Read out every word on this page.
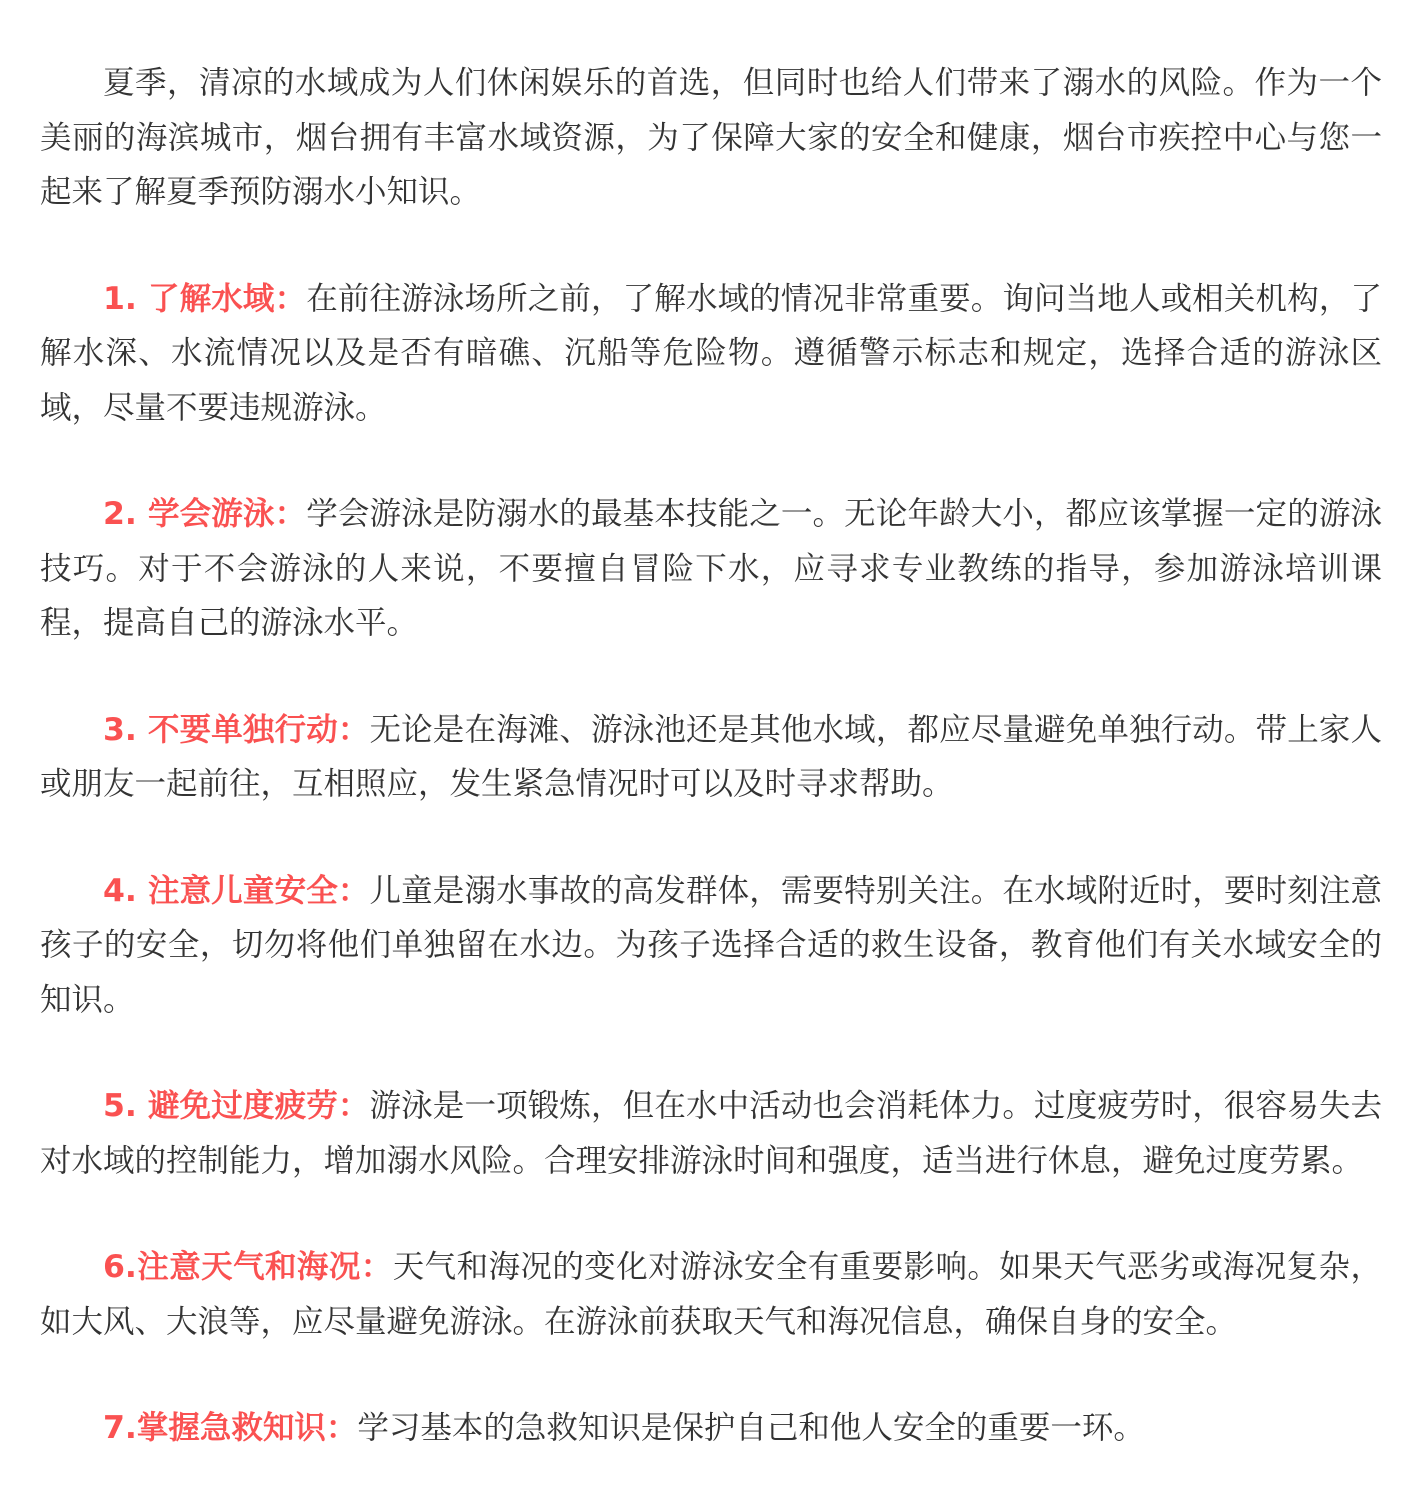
夏季，清凉的水域成为人们休闲娱乐的首选，但同时也给人们带来了溺水的风险。作为一个美丽的海滨城市，烟台拥有丰富水域资源，为了保障大家的安全和健康，烟台市疾控中心与您一起来了解夏季预防溺水小知识。

1. 了解水域：在前往游泳场所之前，了解水域的情况非常重要。询问当地人或相关机构，了解水深、水流情况以及是否有暗礁、沉船等危险物。遵循警示标志和规定，选择合适的游泳区域，尽量不要违规游泳。

2. 学会游泳：学会游泳是防溺水的最基本技能之一。无论年龄大小，都应该掌握一定的游泳技巧。对于不会游泳的人来说，不要擅自冒险下水，应寻求专业教练的指导，参加游泳培训课程，提高自己的游泳水平。

3. 不要单独行动：无论是在海滩、游泳池还是其他水域，都应尽量避免单独行动。带上家人或朋友一起前往，互相照应，发生紧急情况时可以及时寻求帮助。

4. 注意儿童安全：儿童是溺水事故的高发群体，需要特别关注。在水域附近时，要时刻注意孩子的安全，切勿将他们单独留在水边。为孩子选择合适的救生设备，教育他们有关水域安全的知识。

5. 避免过度疲劳：游泳是一项锻炼，但在水中活动也会消耗体力。过度疲劳时，很容易失去对水域的控制能力，增加溺水风险。合理安排游泳时间和强度，适当进行休息，避免过度劳累。

6.注意天气和海况：天气和海况的变化对游泳安全有重要影响。如果天气恶劣或海况复杂，如大风、大浪等，应尽量避免游泳。在游泳前获取天气和海况信息，确保自身的安全。

7.掌握急救知识：学习基本的急救知识是保护自己和他人安全的重要一环。
